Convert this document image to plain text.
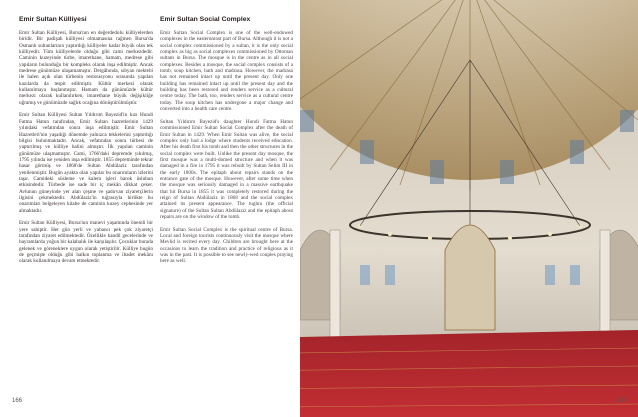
Emir Sultan Külliyesi

Emir Sultan Külliyesi, Bursa'nın en değerdedolu külliyelerden biridir. Bir padişah külliyesi olmamasına rağmen Bursa'da Osmanlı sultanlarının yaptırdığı külliyeler kadar büyük olan tek külliyedir. Tüm külliyelerde olduğu gibi cami merkezdedir. Caminin kuzeyinde türbe, imarethane, hamam, medrese gibi yapıların bulunduğu bir kompleks olarak inşa edilmiştir. Ancak medrese günümüze ulaşamamıştır. Dergâhında, sıbyan mektebi ile halen açık olan türbenin restorasyonu sırasında yapılan kazılarda da tespit edilmiştir. Kültür merkezi olarak kullanılmaya başlanmıştır. Hamam da günümüzde kültür merkezi olarak kullanılırken, imarethane büyük değişikliğe uğramış ve günümüzde sağlık ocağına dönüştürülmüştür.

Emir Sultan Külliyesi Sultan Yıldırım Bayezid'in kızı Hundi Fatma Hatun tarafından, Emir Sultan hazretlerinin 1429 yılındaki vefatından sonra inşa edilmiştir. Emir Sultan Hazretleri'nin yaşadığı dönemde yalnızca tekkelerini yaptırdığı bilgisi bulunmaktadır. Ancak, vefatından sonra türbesi de yaptırılmış ve külliye halini almıştır. İlk yapılan caminin günümüze ulaşmamıştır. Cami, 1766'daki depremde yıkılmış, 1795 yılında ise yeniden inşa edilmiştir. 1855 depreminde tekrar hasar görmüş ve 1868'de Sultan Abdülaziz tarafından yenilenmiştir. Bugün ayakta olan yapılar bu onarımların izlerini taşır. Camideki süsleme ve kalem işleri barok üslubun etkisindedir. Türbede ise sade bir iç mekân dikkat çeker. Avlunun güneyinde yer alan çeşme ve şadırvan ziyaretçilerin ilgisini çekmektedir. Abdülaziz'in tuğrasıyla birlikte bu onarımları belgeleyen kitabe de caminin kuzey cephesinde yer almaktadır.

Emir Sultan Külliyesi, Bursa'nın manevi yaşamında önemli bir yere sahiptir. Her gün yerli ve yabancı pek çok ziyaretçi tarafından ziyaret edilmektedir. Özellikle kandil gecelerinde ve bayramlarda yoğun bir kalabalık ile karşılaşılır. Çocuklar burada gelenek ve göreneklere uygun olarak yetiştirilir. Külliye bugün de geçmişte olduğu gibi halkın toplanma ve ibadet mekânı olarak kullanılmaya devam etmektedir.

Emir Sultan Social Complex

Emir Sultan Social Complex is one of the well-endowed complexes in the easternmost part of Bursa. Although it is not a social complex commissioned by a sultan, it is the only social complex as big as social complexes commissioned by Ottoman sultans in Bursa. The mosque is in the centre as in all social complexes. Besides a mosque, the social complex consists of a tomb, soup kitchen, bath and madrasa. However, the madrasa has not remained intact up until the present day. Only one building has remained intact up until the present day and the building has been restored and renders service as a cultural centre today. The bath, too, renders service as a cultural centre today. The soup kitchen has undergone a major change and converted into a health care centre.

Sultan Yıldırım Bayezid's daughter Hundi Fatma Hatun commissioned Emir Sultan Social Complex after the death of Emir Sultan in 1429. When Emir Sultan was alive, the social complex only had a lodge where students received education. After his death first his tomb and then the other structures in the social complex were built. Unlike the present day mosque, the first mosque was a multi-domed structure and when it was damaged in a fire in 1795 it was rebuilt by Sultan Selim III in the early 1800s. The epitaph about repairs stands on the entrance gate of the mosque. However, after some time when the mosque was seriously damaged in a massive earthquake that hit Bursa in 1855 it was completely restored during the reign of Sultan Abdülaziz in 1868 and the social complex attained its present appearance. The tughra (the official signature) of the Sultan Sultan Abdülaziz and the epitaph about repairs are on the window of the tomb.

Emir Sultan Social Complex is the spiritual centre of Bursa. Local and foreign tourists continuously visit the mosque where Mevlid is recited every day. Children are brought here at the occasions to learn the tradition and practice of religious as it was in the past. It is possible to see newly-wed couples praying here as well.

166	167
